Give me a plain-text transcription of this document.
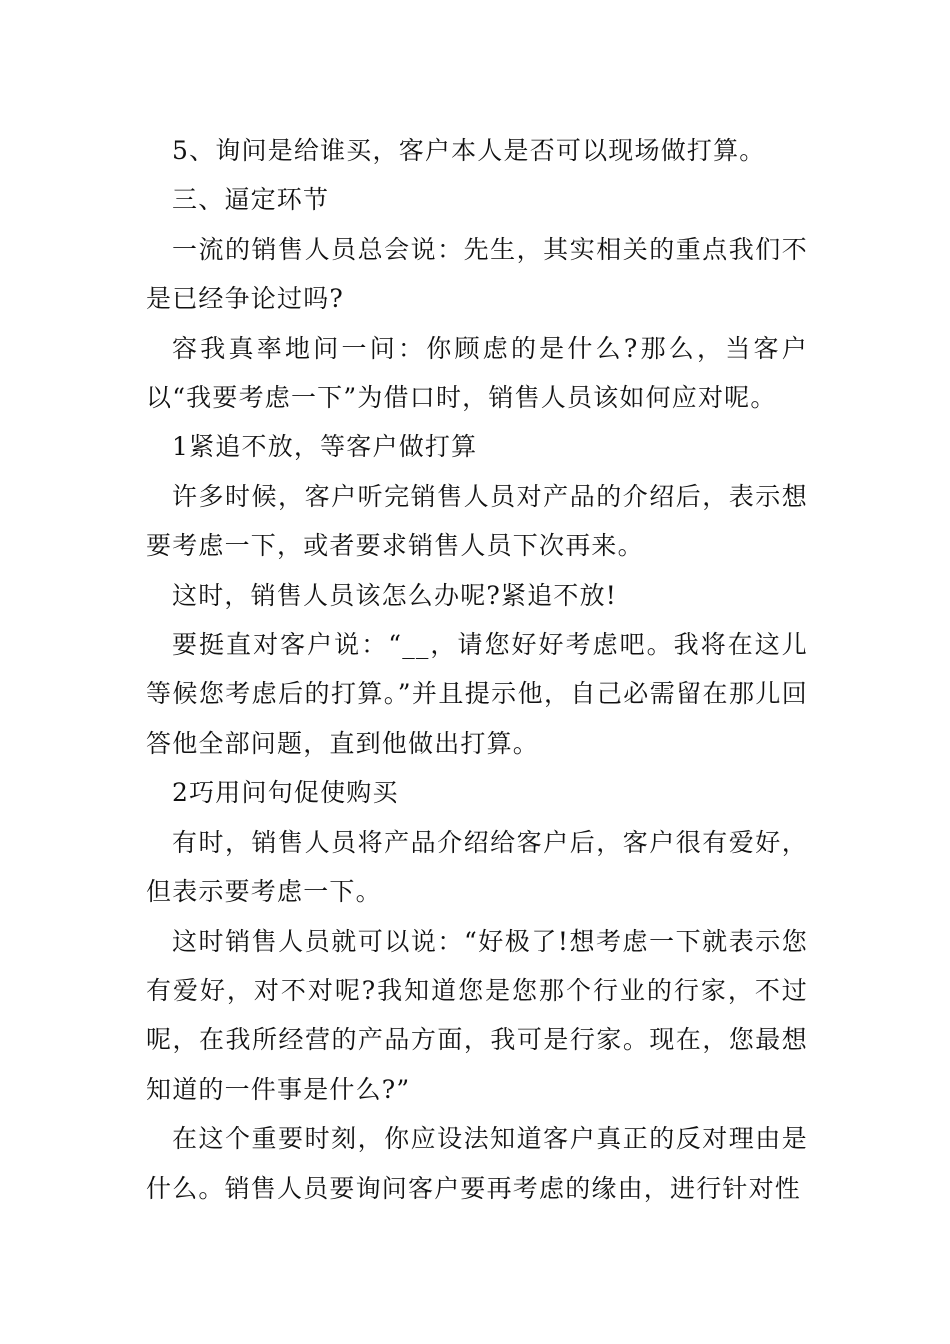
5、询问是给谁买，客户本人是否可以现场做打算。

三、逼定环节

一流的销售人员总会说：先生，其实相关的重点我们不是已经争论过吗?

容我真率地问一问：你顾虑的是什么?那么，当客户以“我要考虑一下”为借口时，销售人员该如何应对呢。

1紧追不放，等客户做打算

许多时候，客户听完销售人员对产品的介绍后，表示想要考虑一下，或者要求销售人员下次再来。

这时，销售人员该怎么办呢?紧追不放!

要挺直对客户说：“__，请您好好考虑吧。我将在这儿等候您考虑后的打算。”并且提示他，自己必需留在那儿回答他全部问题，直到他做出打算。

2巧用问句促使购买

有时，销售人员将产品介绍给客户后，客户很有爱好，但表示要考虑一下。

这时销售人员就可以说：“好极了!想考虑一下就表示您有爱好，对不对呢?我知道您是您那个行业的行家，不过呢，在我所经营的产品方面，我可是行家。现在，您最想知道的一件事是什么?”

在这个重要时刻，你应设法知道客户真正的反对理由是什么。销售人员要询问客户要再考虑的缘由，进行针对性
